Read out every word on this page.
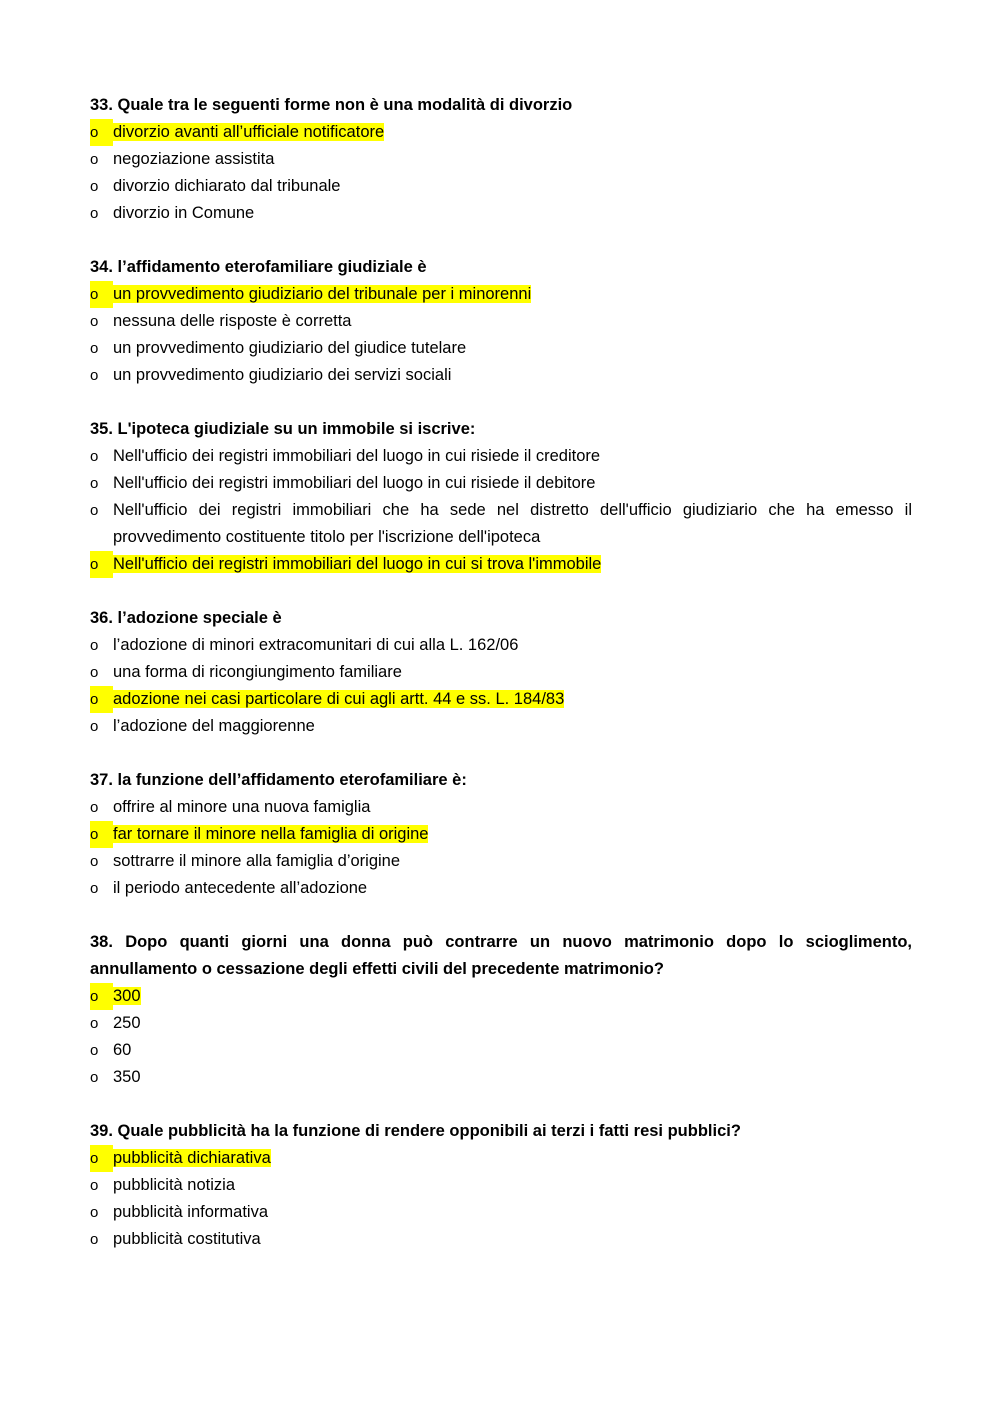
33. Quale tra le seguenti forme non è una modalità di divorzio
o divorzio avanti all’ufficiale notificatore
o negoziazione assistita
o divorzio dichiarato dal tribunale
o divorzio in Comune
34. l’affidamento eterofamiliare giudiziale è
o un provvedimento giudiziario del tribunale per i minorenni
o nessuna delle risposte è corretta
o un provvedimento giudiziario del giudice tutelare
o un provvedimento giudiziario dei servizi sociali
35. L'ipoteca giudiziale su un immobile si iscrive:
o Nell'ufficio dei registri immobiliari del luogo in cui risiede il creditore
o Nell'ufficio dei registri immobiliari del luogo in cui risiede il debitore
o Nell'ufficio dei registri immobiliari che ha sede nel distretto dell'ufficio giudiziario che ha emesso il provvedimento costituente titolo per l'iscrizione dell'ipoteca
o Nell'ufficio dei registri immobiliari del luogo in cui si trova l'immobile
36. l’adozione speciale è
o l’adozione di minori extracomunitari di cui alla L. 162/06
o una forma di ricongiungimento familiare
o adozione nei casi particolare di cui agli artt. 44 e ss. L. 184/83
o l’adozione del maggiorenne
37. la funzione dell’affidamento eterofamiliare è:
o offrire al minore una nuova famiglia
o far tornare il minore nella famiglia di origine
o sottrarre il minore alla famiglia d’origine
o il periodo antecedente all’adozione
38. Dopo quanti giorni una donna può contrarre un nuovo matrimonio dopo lo scioglimento, annullamento o cessazione degli effetti civili del precedente matrimonio?
o 300
o 250
o 60
o 350
39. Quale pubblicità ha la funzione di rendere opponibili ai terzi i fatti resi pubblici?
o pubblicità dichiarativa
o pubblicità notizia
o pubblicità informativa
o pubblicità costitutiva
